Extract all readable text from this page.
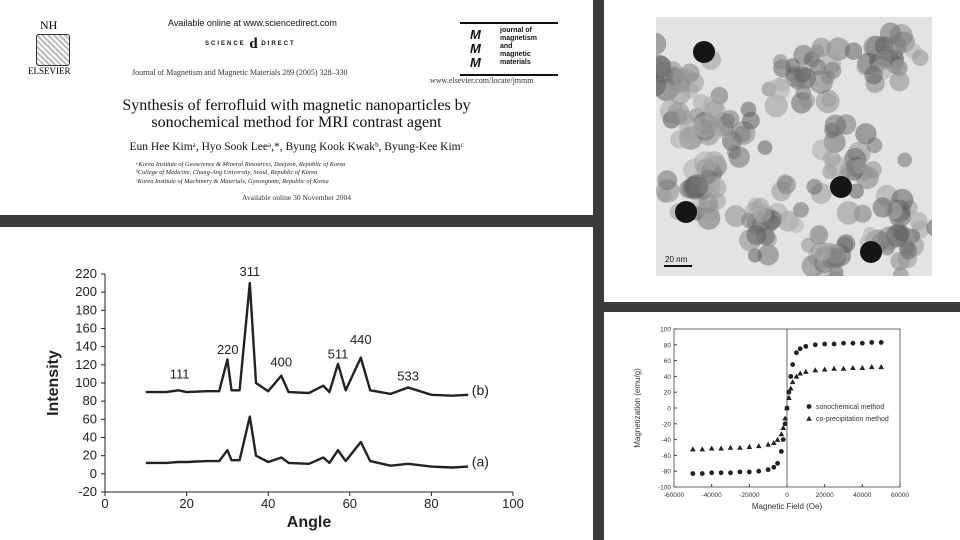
NH
ELSEVIER
Available online at www.sciencedirect.com
SCIENCE d DIRECT
Journal of Magnetism and Magnetic Materials 289 (2005) 328–330
M
M
M
journal of
magnetism
and
magnetic
materials
www.elsevier.com/locate/jmmm
Synthesis of ferrofluid with magnetic nanoparticles by
sonochemical method for MRI contrast agent
Eun Hee Kimᵃ, Hyo Sook Leeᵃ,*, Byung Kook Kwakᵇ, Byung-Kee Kimᶜ
ᵃKorea Institute of Geoscience & Mineral Resources, Daejeon, Republic of Korea
ᵇCollege of Medicine, Chung-Ang University, Seoul, Republic of Korea
ᶜKorea Institute of Machinery & Materials, Gyeongnam, Republic of Korea
Available online 30 November 2004
-20
0
20
40
60
80
100
120
140
160
180
200
220
0	20	40	60	80	100
Angle
Intensity	111
220
311
400
511
440
533
(b)
(a)
20 nm
-100
-80
-60
-40
-20
0
20
40
60
80
100
-60000	-40000	-20000	0	20000	40000	60000
Magnetic Field (Oe)
Magnetization (emu/g)	sonochemical method
co-precipitation method
